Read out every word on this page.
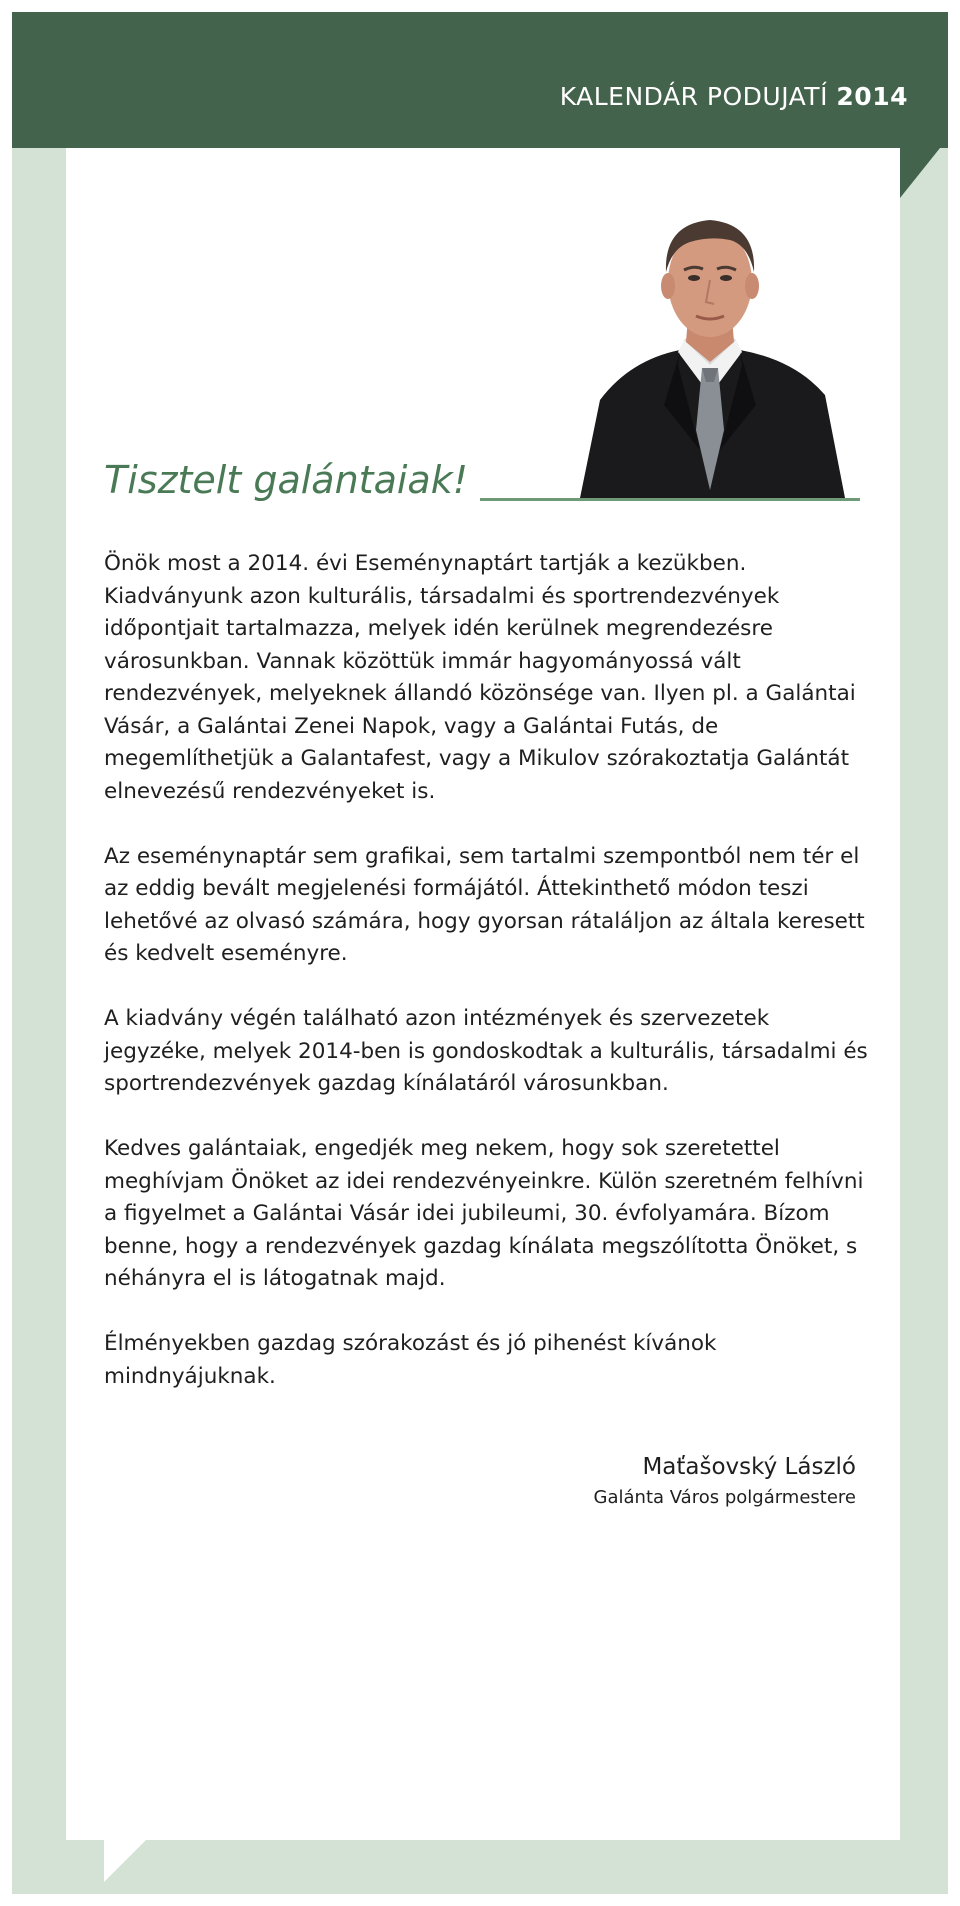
KALENDÁR PODUJATÍ 2014
Tisztelt galántaiak!

Önök most a 2014. évi Eseménynaptárt tartják a kezükben. Kiadványunk azon kulturális, társadalmi és sportrendezvények időpontjait tartalmazza, melyek idén kerülnek megrendezésre városunkban. Vannak közöttük immár hagyományossá vált rendezvények, melyeknek állandó közönsége van. Ilyen pl. a Galántai Vásár, a Galántai Zenei Napok, vagy a Galántai Futás, de megemlíthetjük a Galantafest, vagy a Mikulov szórakoztatja Galántát elnevezésű rendezvényeket is.

Az eseménynaptár sem grafikai, sem tartalmi szempontból nem tér el az eddig bevált megjelenési formájától. Áttekinthető módon teszi lehetővé az olvasó számára, hogy gyorsan rátaláljon az általa keresett és kedvelt eseményre.

A kiadvány végén található azon intézmények és szervezetek jegyzéke, melyek 2014-ben is gondoskodtak a kulturális, társadalmi és sportrendezvények gazdag kínálatáról városunkban.

Kedves galántaiak, engedjék meg nekem, hogy sok szeretettel meghívjam Önöket az idei rendezvényeinkre. Külön szeretném felhívni a figyelmet a Galántai Vásár idei jubileumi, 30. évfolyamára. Bízom benne, hogy a rendezvények gazdag kínálata megszólította Önöket, s néhányra el is látogatnak majd.

Élményekben gazdag szórakozást és jó pihenést kívánok mindnyájuknak.

Maťašovský László
Galánta Város polgármestere
